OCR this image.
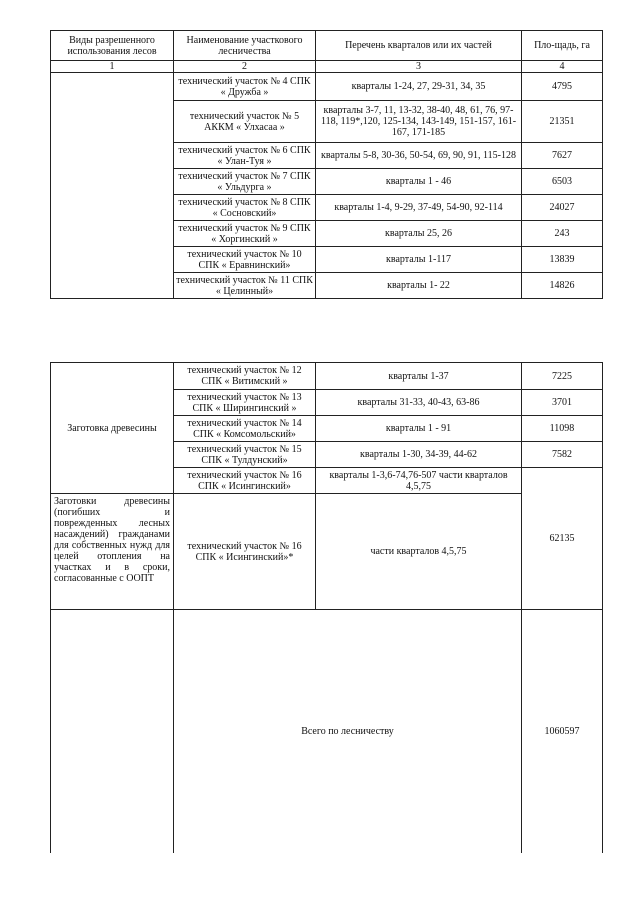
Виды разрешенного использования лесов	Наименование участкового лесничества	Перечень кварталов или их частей	Пло-щадь, га
1	2	3	4
	технический участок № 4 СПК « Дружба »	кварталы 1-24, 27, 29-31, 34, 35	4795
	технический участок № 5 АККМ « Улхасаа »	кварталы 3-7, 11, 13-32, 38-40, 48, 61, 76, 97-118, 119*,120, 125-134, 143-149, 151-157, 161-167, 171-185	21351
	технический участок № 6 СПК « Улан-Туя »	кварталы 5-8, 30-36, 50-54, 69, 90, 91, 115-128	7627
	технический участок № 7 СПК « Ульдурга »	кварталы 1 - 46	6503
	технический участок № 8 СПК « Сосновский»	кварталы 1-4, 9-29, 37-49, 54-90, 92-114	24027
	технический участок № 9 СПК « Хоргинский »	кварталы 25, 26	243
	технический участок № 10 СПК « Еравнинский»	кварталы 1-117	13839
	технический участок № 11 СПК « Целинный»	кварталы 1- 22	14826
Заготовка древесины	технический участок № 12 СПК « Витимский »	кварталы 1-37	7225
	технический участок № 13 СПК « Ширингинский »	кварталы 31-33, 40-43, 63-86	3701
	технический участок № 14 СПК « Комсомольский»	кварталы 1 - 91	11098
	технический участок № 15 СПК « Тулдунский»	кварталы 1-30, 34-39, 44-62	7582
	технический участок № 16 СПК « Исингинский»	кварталы 1-3,6-74,76-507 части кварталов 4,5,75	62135
Заготовки древесины (погибших и поврежденных лесных насаждений) гражданами для собственных нужд для целей отопления на участках и в сроки, согласованные с ООПТ	технический участок № 16 СПК « Исингинский»*	части кварталов 4,5,75	
	Всего по лесничеству		1060597
